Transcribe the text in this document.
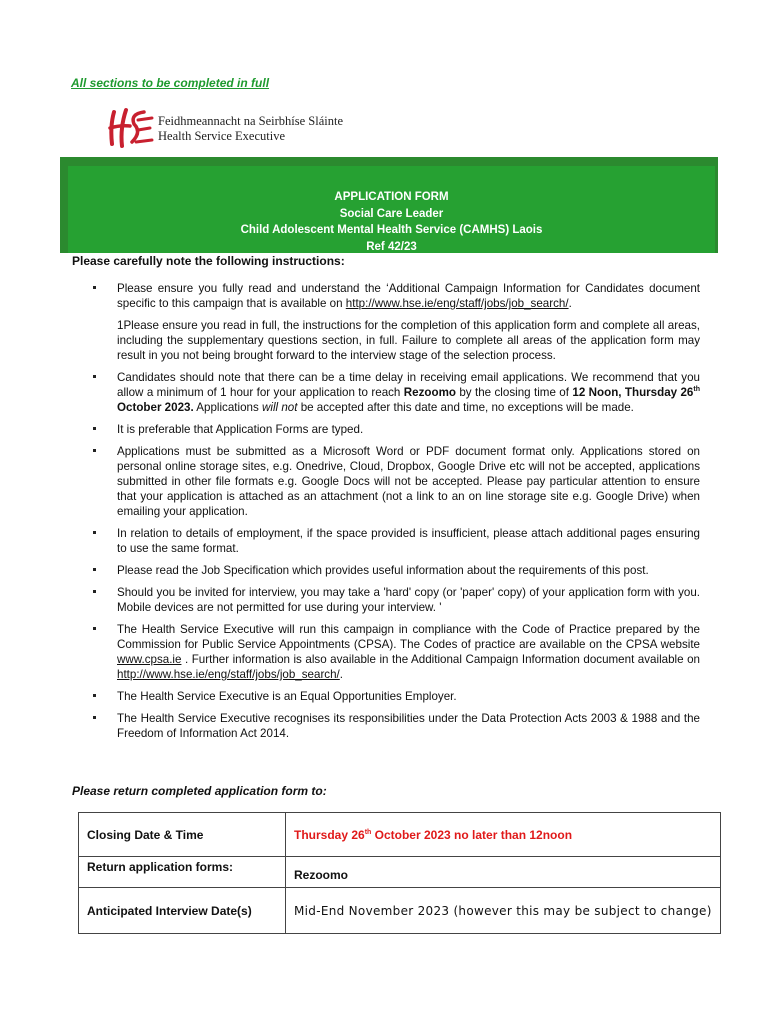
All sections to be completed in full
Feidhmeannacht na Seirbhíse Sláinte
Health Service Executive
APPLICATION FORM
Social Care Leader
Child Adolescent Mental Health Service (CAMHS) Laois
Ref 42/23
Please carefully note the following instructions:

Please ensure you fully read and understand the ‘Additional Campaign Information for Candidates document specific to this campaign that is available on http://www.hse.ie/eng/staff/jobs/job_search/.

1Please ensure you read in full, the instructions for the completion of this application form and complete all areas, including the supplementary questions section, in full. Failure to complete all areas of the application form may result in you not being brought forward to the interview stage of the selection process.

Candidates should note that there can be a time delay in receiving email applications. We recommend that you allow a minimum of 1 hour for your application to reach Rezoomo by the closing time of 12 Noon, Thursday 26th October 2023. Applications will not be accepted after this date and time, no exceptions will be made.

It is preferable that Application Forms are typed.

Applications must be submitted as a Microsoft Word or PDF document format only. Applications stored on personal online storage sites, e.g. Onedrive, Cloud, Dropbox, Google Drive etc will not be accepted, applications submitted in other file formats e.g. Google Docs will not be accepted. Please pay particular attention to ensure that your application is attached as an attachment (not a link to an on line storage site e.g. Google Drive) when emailing your application.

In relation to details of employment, if the space provided is insufficient, please attach additional pages ensuring to use the same format.

Please read the Job Specification which provides useful information about the requirements of this post.

Should you be invited for interview, you may take a 'hard' copy (or 'paper' copy) of your application form with you. Mobile devices are not permitted for use during your interview. '

The Health Service Executive will run this campaign in compliance with the Code of Practice prepared by the Commission for Public Service Appointments (CPSA). The Codes of practice are available on the CPSA website www.cpsa.ie . Further information is also available in the Additional Campaign Information document available on http://www.hse.ie/eng/staff/jobs/job_search/.

The Health Service Executive is an Equal Opportunities Employer.

The Health Service Executive recognises its responsibilities under the Data Protection Acts 2003 & 1988 and the Freedom of Information Act 2014.

Please return completed application form to:
Closing Date & Time	Thursday 26th October 2023 no later than 12noon
Return application forms:	Rezoomo
Anticipated Interview Date(s)	Mid-End November 2023 (however this may be subject to change)
